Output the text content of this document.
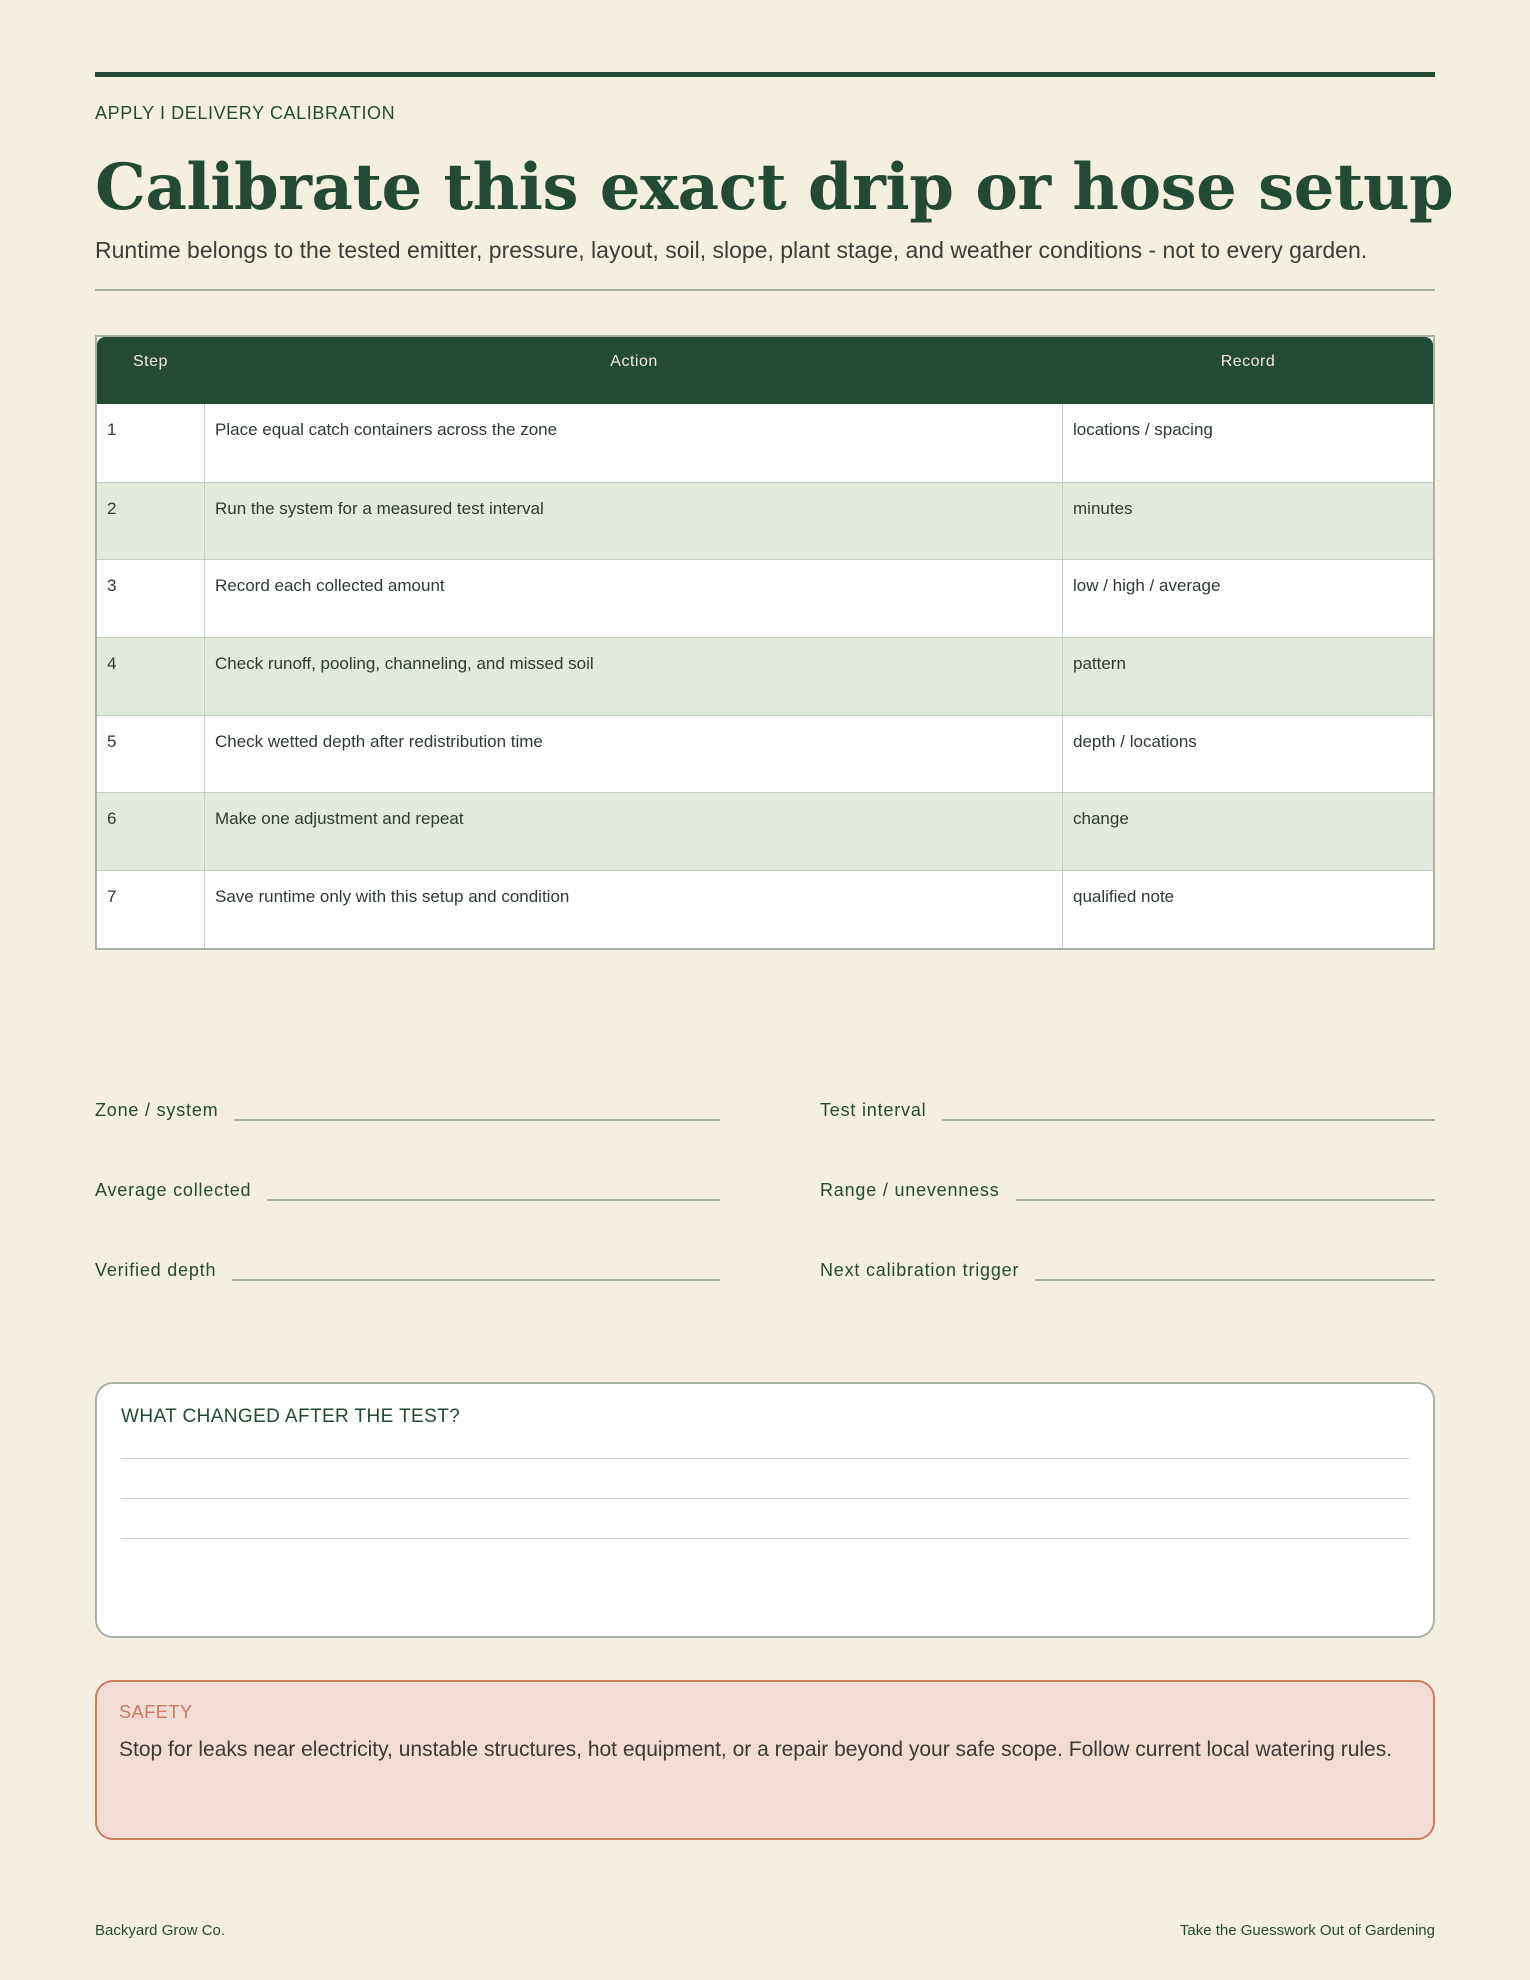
APPLY I DELIVERY CALIBRATION
Calibrate this exact drip or hose setup

Runtime belongs to the tested emitter, pressure, layout, soil, slope, plant stage, and weather conditions - not to every garden.

Step	Action	Record
1	Place equal catch containers across the zone	locations / spacing
2	Run the system for a measured test interval	minutes
3	Record each collected amount	low / high / average
4	Check runoff, pooling, channeling, and missed soil	pattern
5	Check wetted depth after redistribution time	depth / locations
6	Make one adjustment and repeat	change
7	Save runtime only with this setup and condition	qualified note
Zone / system	Test interval
Average collected	Range / unevenness
Verified depth	Next calibration trigger
WHAT CHANGED AFTER THE TEST?
SAFETY
Stop for leaks near electricity, unstable structures, hot equipment, or a repair beyond your safe scope. Follow current local watering rules.
Backyard Grow Co.	Take the Guesswork Out of Gardening
